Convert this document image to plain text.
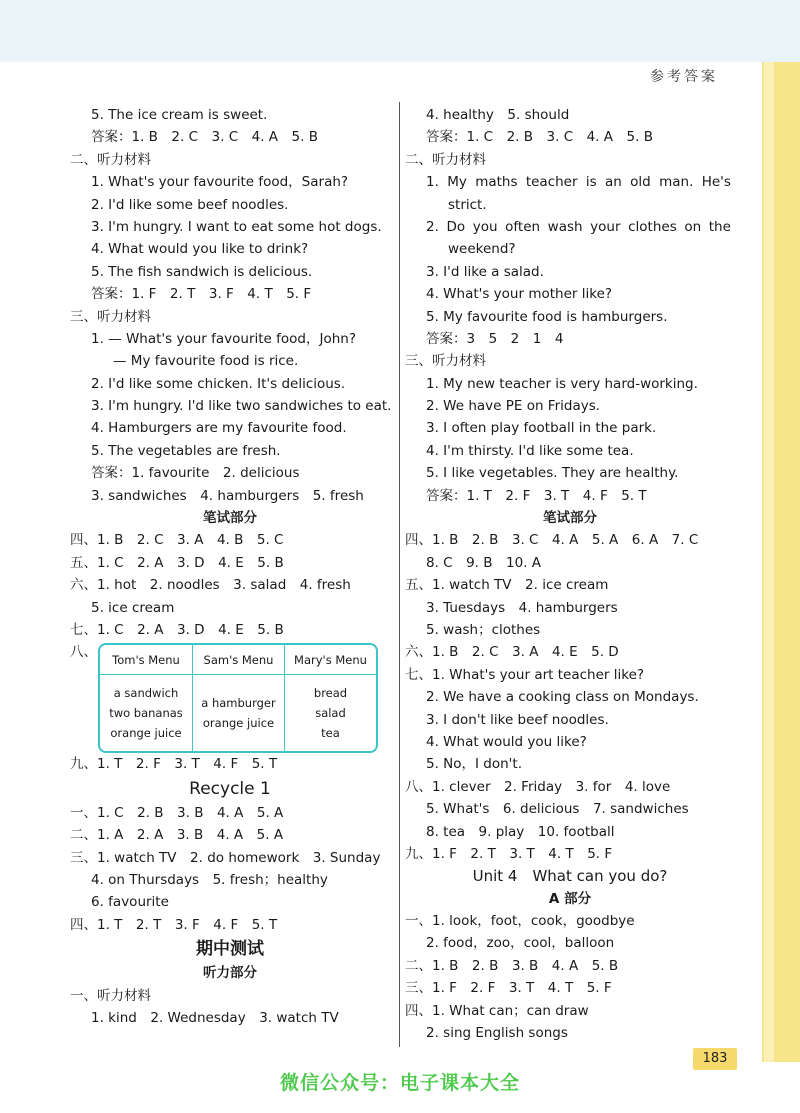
参考答案
5. The ice cream is sweet.
答案：1. B　2. C　3. C　4. A　5. B
二、听力材料
1. What's your favourite food，Sarah?
2. I'd like some beef noodles.
3. I'm hungry. I want to eat some hot dogs.
4. What would you like to drink?
5. The fish sandwich is delicious.
答案：1. F　2. T　3. F　4. T　5. F
三、听力材料
1. — What's your favourite food，John?
— My favourite food is rice.
2. I'd like some chicken. It's delicious.
3. I'm hungry. I'd like two sandwiches to eat.
4. Hamburgers are my favourite food.
5. The vegetables are fresh.
答案：1. favourite　2. delicious
3. sandwiches　4. hamburgers　5. fresh
笔试部分
四、1. B　2. C　3. A　4. B　5. C
五、1. C　2. A　3. D　4. E　5. B
六、1. hot　2. noodles　3. salad　4. fresh
5. ice cream
七、1. C　2. A　3. D　4. E　5. B
八、 Tom's Menu Sam's Menu Mary's Menu
a sandwich
two bananas
orange juice
a hamburger
orange juice
bread
salad
tea
九、1. T　2. F　3. T　4. F　5. T
Recycle 1
一、1. C　2. B　3. B　4. A　5. A
二、1. A　2. A　3. B　4. A　5. A
三、1. watch TV　2. do homework　3. Sunday
4. on Thursdays　5. fresh；healthy
6. favourite
四、1. T　2. T　3. F　4. F　5. T
期中测试
听力部分
一、听力材料
1. kind　2. Wednesday　3. watch TV
4. healthy　5. should
答案：1. C　2. B　3. C　4. A　5. B
二、听力材料
1. My maths teacher is an old man. He's
strict.
2. Do you often wash your clothes on the
weekend?
3. I'd like a salad.
4. What's your mother like?
5. My favourite food is hamburgers.
答案：3　5　2　1　4
三、听力材料
1. My new teacher is very hard-working.
2. We have PE on Fridays.
3. I often play football in the park.
4. I'm thirsty. I'd like some tea.
5. I like vegetables. They are healthy.
答案：1. T　2. F　3. T　4. F　5. T
笔试部分
四、1. B　2. B　3. C　4. A　5. A　6. A　7. C
8. C　9. B　10. A
五、1. watch TV　2. ice cream
3. Tuesdays　4. hamburgers
5. wash；clothes
六、1. B　2. C　3. A　4. E　5. D
七、1. What's your art teacher like?
2. We have a cooking class on Mondays.
3. I don't like beef noodles.
4. What would you like?
5. No，I don't.
八、1. clever　2. Friday　3. for　4. love
5. What's　6. delicious　7. sandwiches
8. tea　9. play　10. football
九、1. F　2. T　3. T　4. T　5. F
Unit 4　What can you do?
A 部分
一、1. look，foot，cook，goodbye
2. food，zoo，cool，balloon
二、1. B　2. B　3. B　4. A　5. B
三、1. F　2. F　3. T　4. T　5. F
四、1. What can；can draw
2. sing English songs
183
微信公众号：电子课本大全
